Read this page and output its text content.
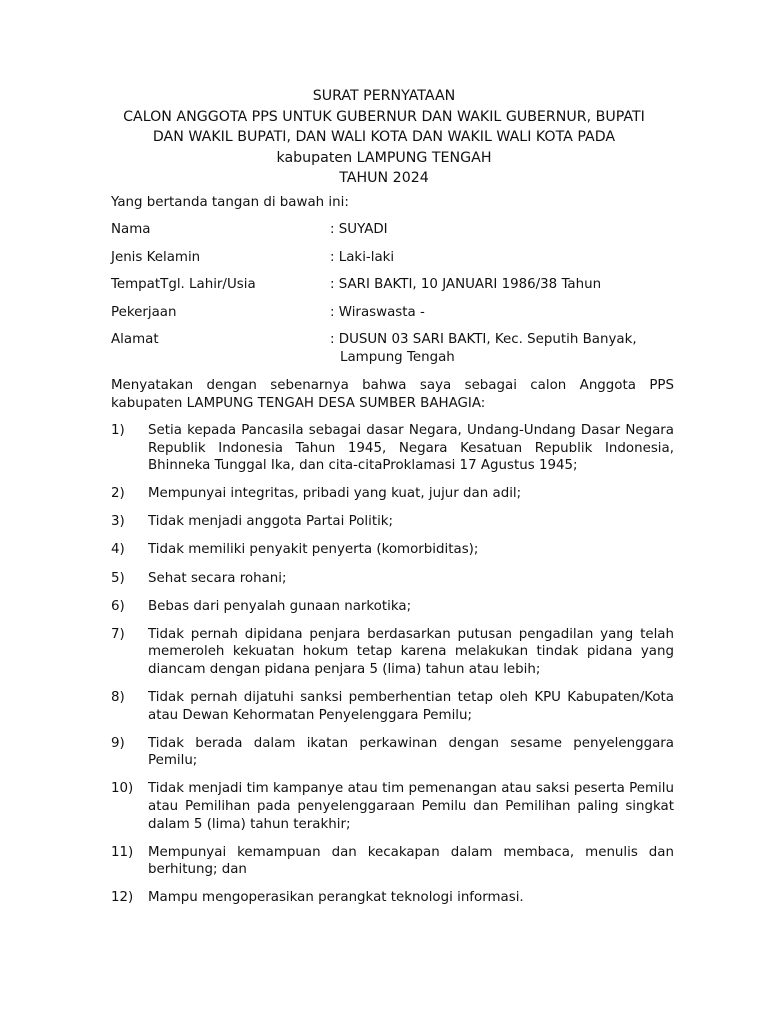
SURAT PERNYATAAN
CALON ANGGOTA PPS UNTUK GUBERNUR DAN WAKIL GUBERNUR, BUPATI
DAN WAKIL BUPATI, DAN WALI KOTA DAN WAKIL WALI KOTA PADA
kabupaten LAMPUNG TENGAH
TAHUN 2024
Yang bertanda tangan di bawah ini:
Nama	: SUYADI
Jenis Kelamin	: Laki-laki
TempatTgl. Lahir/Usia	: SARI BAKTI, 10 JANUARI 1986/38 Tahun
Pekerjaan	: Wiraswasta -
Alamat	: DUSUN 03 SARI BAKTI, Kec. Seputih Banyak,
Lampung Tengah
Menyatakan dengan sebenarnya bahwa saya sebagai calon Anggota PPS kabupaten LAMPUNG TENGAH DESA SUMBER BAHAGIA:
1) Setia kepada Pancasila sebagai dasar Negara, Undang-Undang Dasar Negara Republik Indonesia Tahun 1945, Negara Kesatuan Republik Indonesia, Bhinneka Tunggal Ika, dan cita-citaProklamasi 17 Agustus 1945;
2) Mempunyai integritas, pribadi yang kuat, jujur dan adil;
3) Tidak menjadi anggota Partai Politik;
4) Tidak memiliki penyakit penyerta (komorbiditas);
5) Sehat secara rohani;
6) Bebas dari penyalah gunaan narkotika;
7) Tidak pernah dipidana penjara berdasarkan putusan pengadilan yang telah memeroleh kekuatan hokum tetap karena melakukan tindak pidana yang diancam dengan pidana penjara 5 (lima) tahun atau lebih;
8) Tidak pernah dijatuhi sanksi pemberhentian tetap oleh KPU Kabupaten/Kota atau Dewan Kehormatan Penyelenggara Pemilu;
9) Tidak berada dalam ikatan perkawinan dengan sesame penyelenggara Pemilu;
10) Tidak menjadi tim kampanye atau tim pemenangan atau saksi peserta Pemilu atau Pemilihan pada penyelenggaraan Pemilu dan Pemilihan paling singkat dalam 5 (lima) tahun terakhir;
11) Mempunyai kemampuan dan kecakapan dalam membaca, menulis dan berhitung; dan
12) Mampu mengoperasikan perangkat teknologi informasi.
